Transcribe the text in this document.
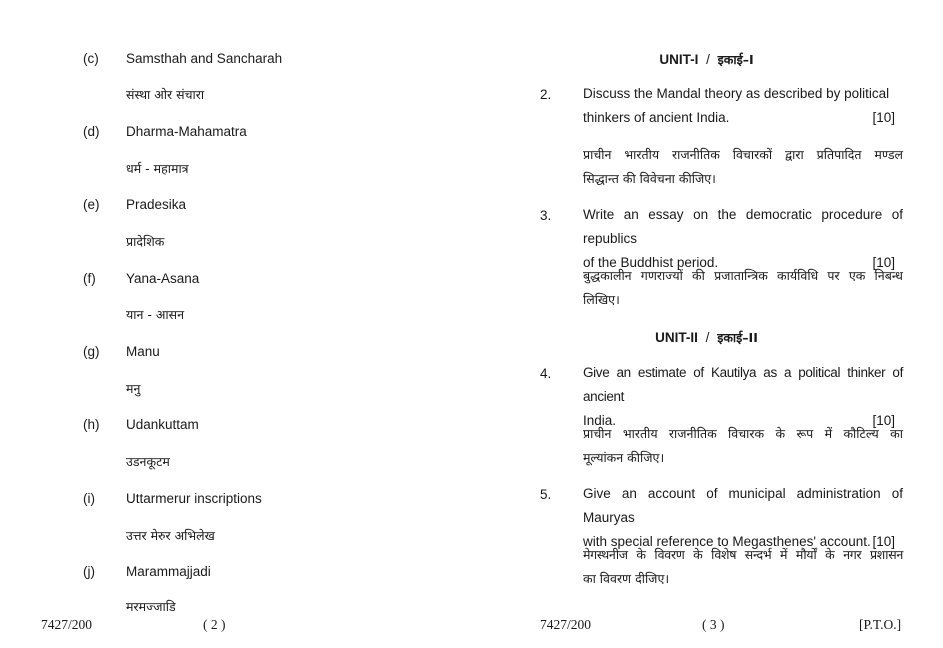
(c) Samsthah and Sancharah
संस्था ओर संचारा
(d) Dharma-Mahamatra
धर्म - महामात्र
(e) Pradesika
प्रादेशिक
(f) Yana-Asana
यान - आसन
(g) Manu
मनु
(h) Udankuttam
उडनकूटम
(i) Uttarmerur inscriptions
उत्तर मेरुर अभिलेख
(j) Marammajjadi
मरमज्जाडि
7427/200	( 2 )
UNIT-I / इकाई–I
2. Discuss the Mandal theory as described by political
thinkers of ancient India.	[10]
प्राचीन भारतीय राजनीतिक विचारकों द्वारा प्रतिपादित मण्डल
सिद्धान्त की विवेचना कीजिए।
3. Write an essay on the democratic procedure of republics
of the Buddhist period.	[10]
बुद्धकालीन गणराज्यों की प्रजातान्त्रिक कार्यविधि पर एक निबन्ध
लिखिए।
UNIT-II / इकाई–II
4. Give an estimate of Kautilya as a political thinker of ancient
India.	[10]
प्राचीन भारतीय राजनीतिक विचारक के रूप में कौटिल्य का
मूल्यांकन कीजिए।
5. Give an account of municipal administration of Mauryas
with special reference to Megasthenes' account. [10]
मेगस्थनीज के विवरण के विशेष सन्दर्भ में मौर्यों के नगर प्रशासन
का विवरण दीजिए।
7427/200	( 3 )	[P.T.O.]
